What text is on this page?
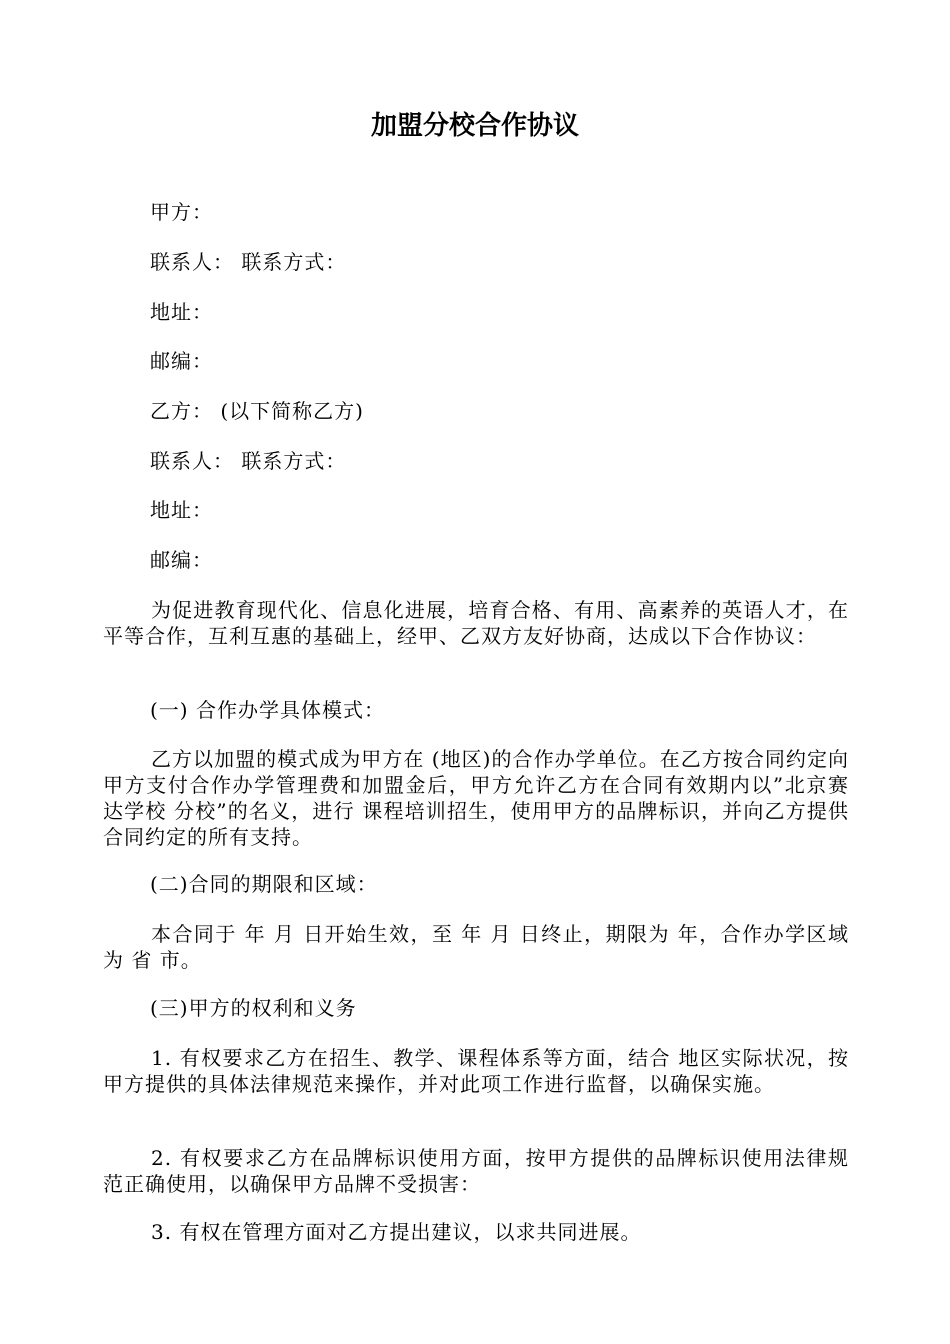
加盟分校合作协议
甲方：
联系人： 联系方式：
地址：
邮编：
乙方： (以下简称乙方)
联系人： 联系方式：
地址：
邮编：
为促进教育现代化、信息化进展，培育合格、有用、高素养的英语人才，在平等合作，互利互惠的基础上，经甲、乙双方友好协商，达成以下合作协议：
(一) 合作办学具体模式：
乙方以加盟的模式成为甲方在 (地区)的合作办学单位。在乙方按合同约定向甲方支付合作办学管理费和加盟金后，甲方允许乙方在合同有效期内以”北京赛达学校 分校”的名义，进行 课程培训招生，使用甲方的品牌标识，并向乙方提供合同约定的所有支持。
(二)合同的期限和区域：
本合同于 年 月 日开始生效，至 年 月 日终止，期限为 年，合作办学区域为 省 市。
(三)甲方的权利和义务
1. 有权要求乙方在招生、教学、课程体系等方面，结合 地区实际状况，按甲方提供的具体法律规范来操作，并对此项工作进行监督，以确保实施。
2. 有权要求乙方在品牌标识使用方面，按甲方提供的品牌标识使用法律规范正确使用，以确保甲方品牌不受损害：
3. 有权在管理方面对乙方提出建议，以求共同进展。
